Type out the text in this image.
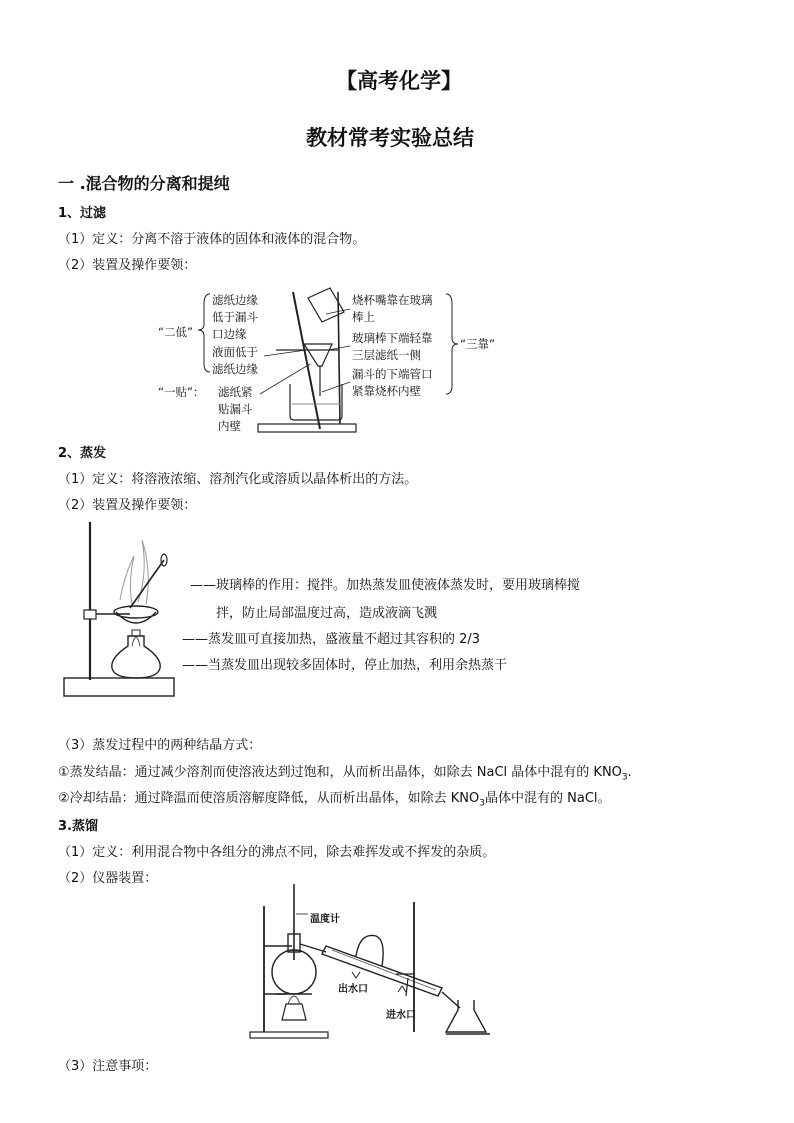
【高考化学】
教材常考实验总结
一 .混合物的分离和提纯
1、过滤
（1）定义：分离不溶于液体的固体和液体的混合物。
（2）装置及操作要领：
“二低”
滤纸边缘
低于漏斗
口边缘
液面低于
滤纸边缘
“一贴”： 滤纸紧
贴漏斗
内壁
烧杯嘴靠在玻璃
棒上
玻璃棒下端轻靠
三层滤纸一侧
漏斗的下端管口
紧靠烧杯内壁
“三靠”
2、蒸发
（1）定义：将溶液浓缩、溶剂汽化或溶质以晶体析出的方法。
（2）装置及操作要领：
——玻璃棒的作用：搅拌。加热蒸发皿使液体蒸发时，要用玻璃棒搅
拌，防止局部温度过高，造成液滴飞溅
——蒸发皿可直接加热，盛液量不超过其容积的 2/3
——当蒸发皿出现较多固体时，停止加热，利用余热蒸干
（3）蒸发过程中的两种结晶方式：
①蒸发结晶：通过减少溶剂而使溶液达到过饱和，从而析出晶体，如除去 NaCl 晶体中混有的 $KNO_3$.
②冷却结晶：通过降温而使溶质溶解度降低，从而析出晶体，如除去 $KNO_3$晶体中混有的 NaCl。
3.蒸馏
（1）定义：利用混合物中各组分的沸点不同，除去难挥发或不挥发的杂质。
（2）仪器装置：
温度计
出水口
进水口
（3）注意事项：
